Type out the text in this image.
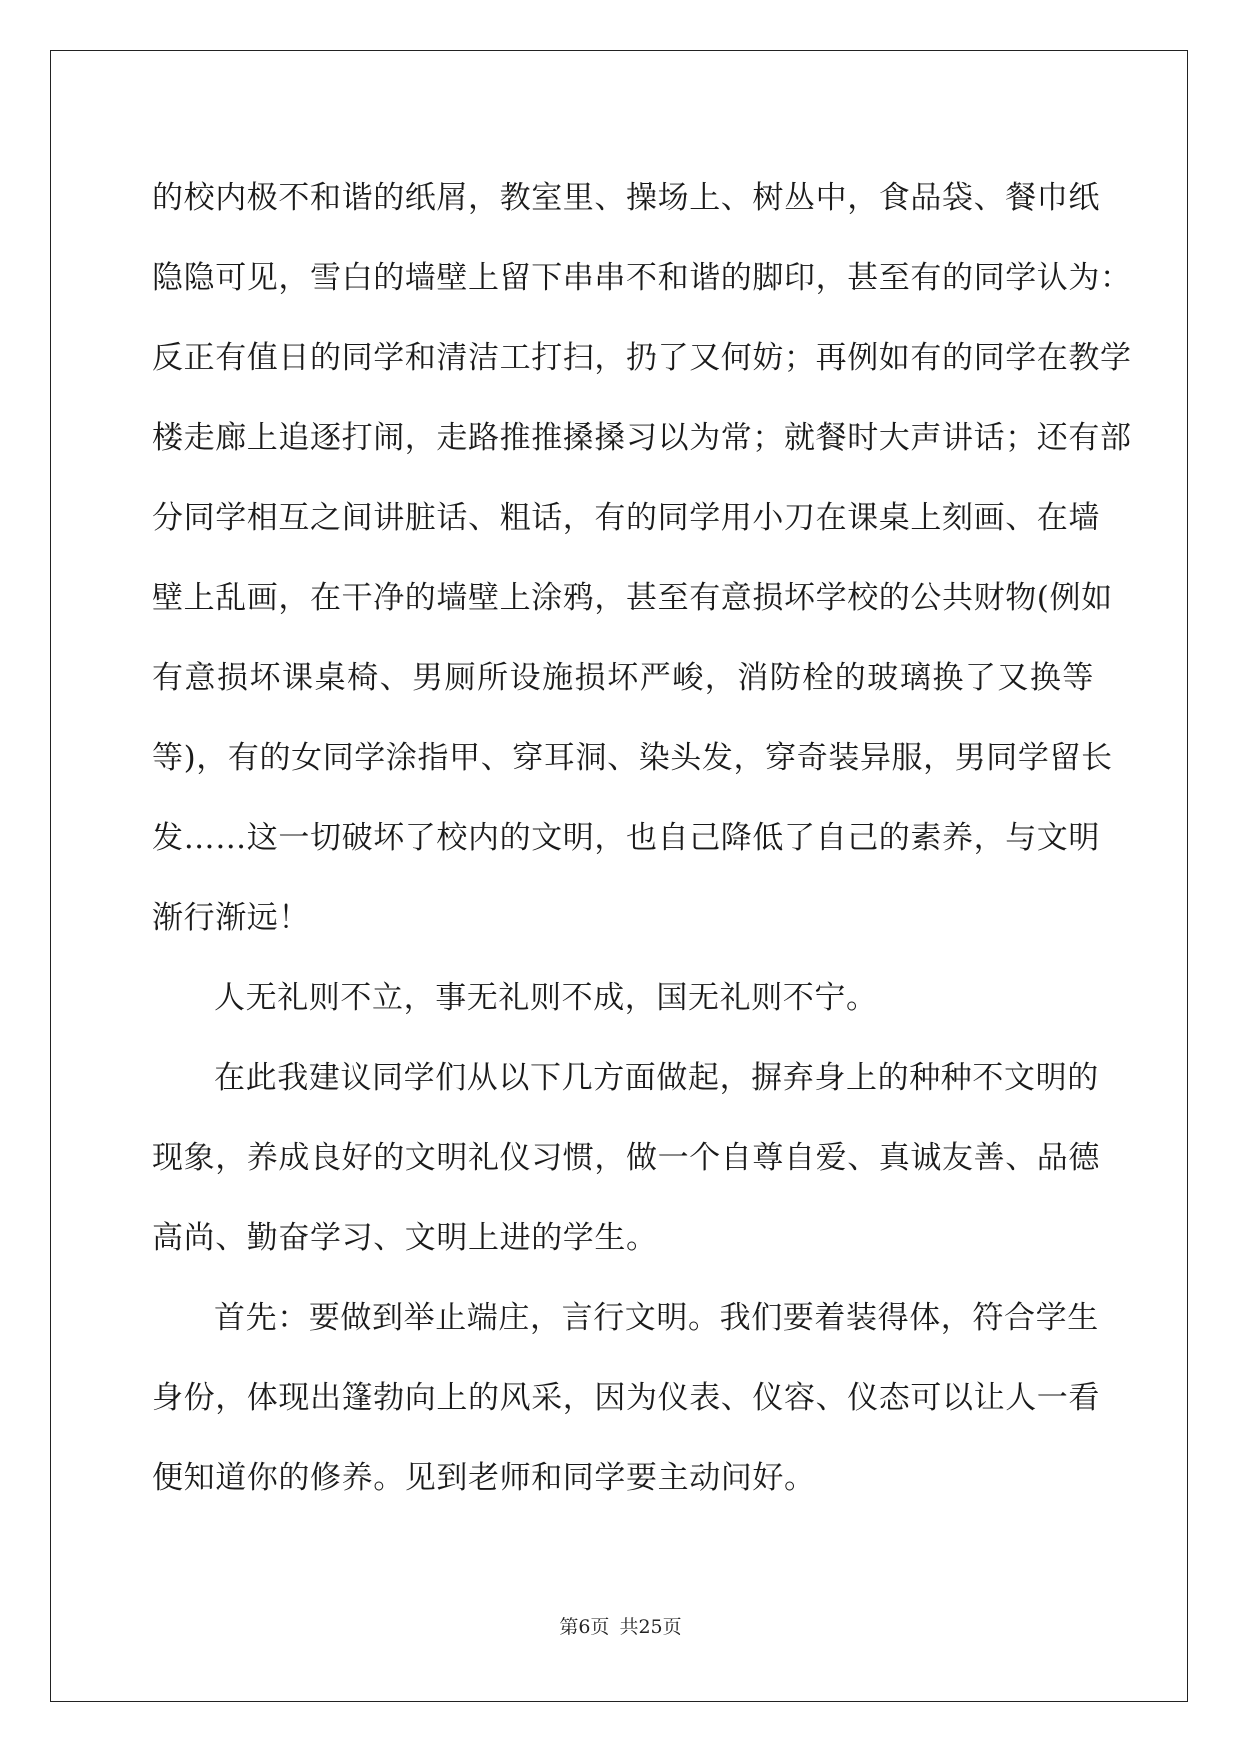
的校内极不和谐的纸屑，教室里、操场上、树丛中，食品袋、餐巾纸
隐隐可见，雪白的墙壁上留下串串不和谐的脚印，甚至有的同学认为：
反正有值日的同学和清洁工打扫，扔了又何妨；再例如有的同学在教学
楼走廊上追逐打闹，走路推推搡搡习以为常；就餐时大声讲话；还有部
分同学相互之间讲脏话、粗话，有的同学用小刀在课桌上刻画、在墙
壁上乱画，在干净的墙壁上涂鸦，甚至有意损坏学校的公共财物(例如
有意损坏课桌椅、男厕所设施损坏严峻，消防栓的玻璃换了又换等
等)，有的女同学涂指甲、穿耳洞、染头发，穿奇装异服，男同学留长
发……这一切破坏了校内的文明，也自己降低了自己的素养，与文明
渐行渐远！
人无礼则不立，事无礼则不成，国无礼则不宁。
在此我建议同学们从以下几方面做起，摒弃身上的种种不文明的
现象，养成良好的文明礼仪习惯，做一个自尊自爱、真诚友善、品德
高尚、勤奋学习、文明上进的学生。
首先：要做到举止端庄，言行文明。我们要着装得体，符合学生
身份，体现出篷勃向上的风采，因为仪表、仪容、仪态可以让人一看
便知道你的修养。见到老师和同学要主动问好。
第6页 共25页
